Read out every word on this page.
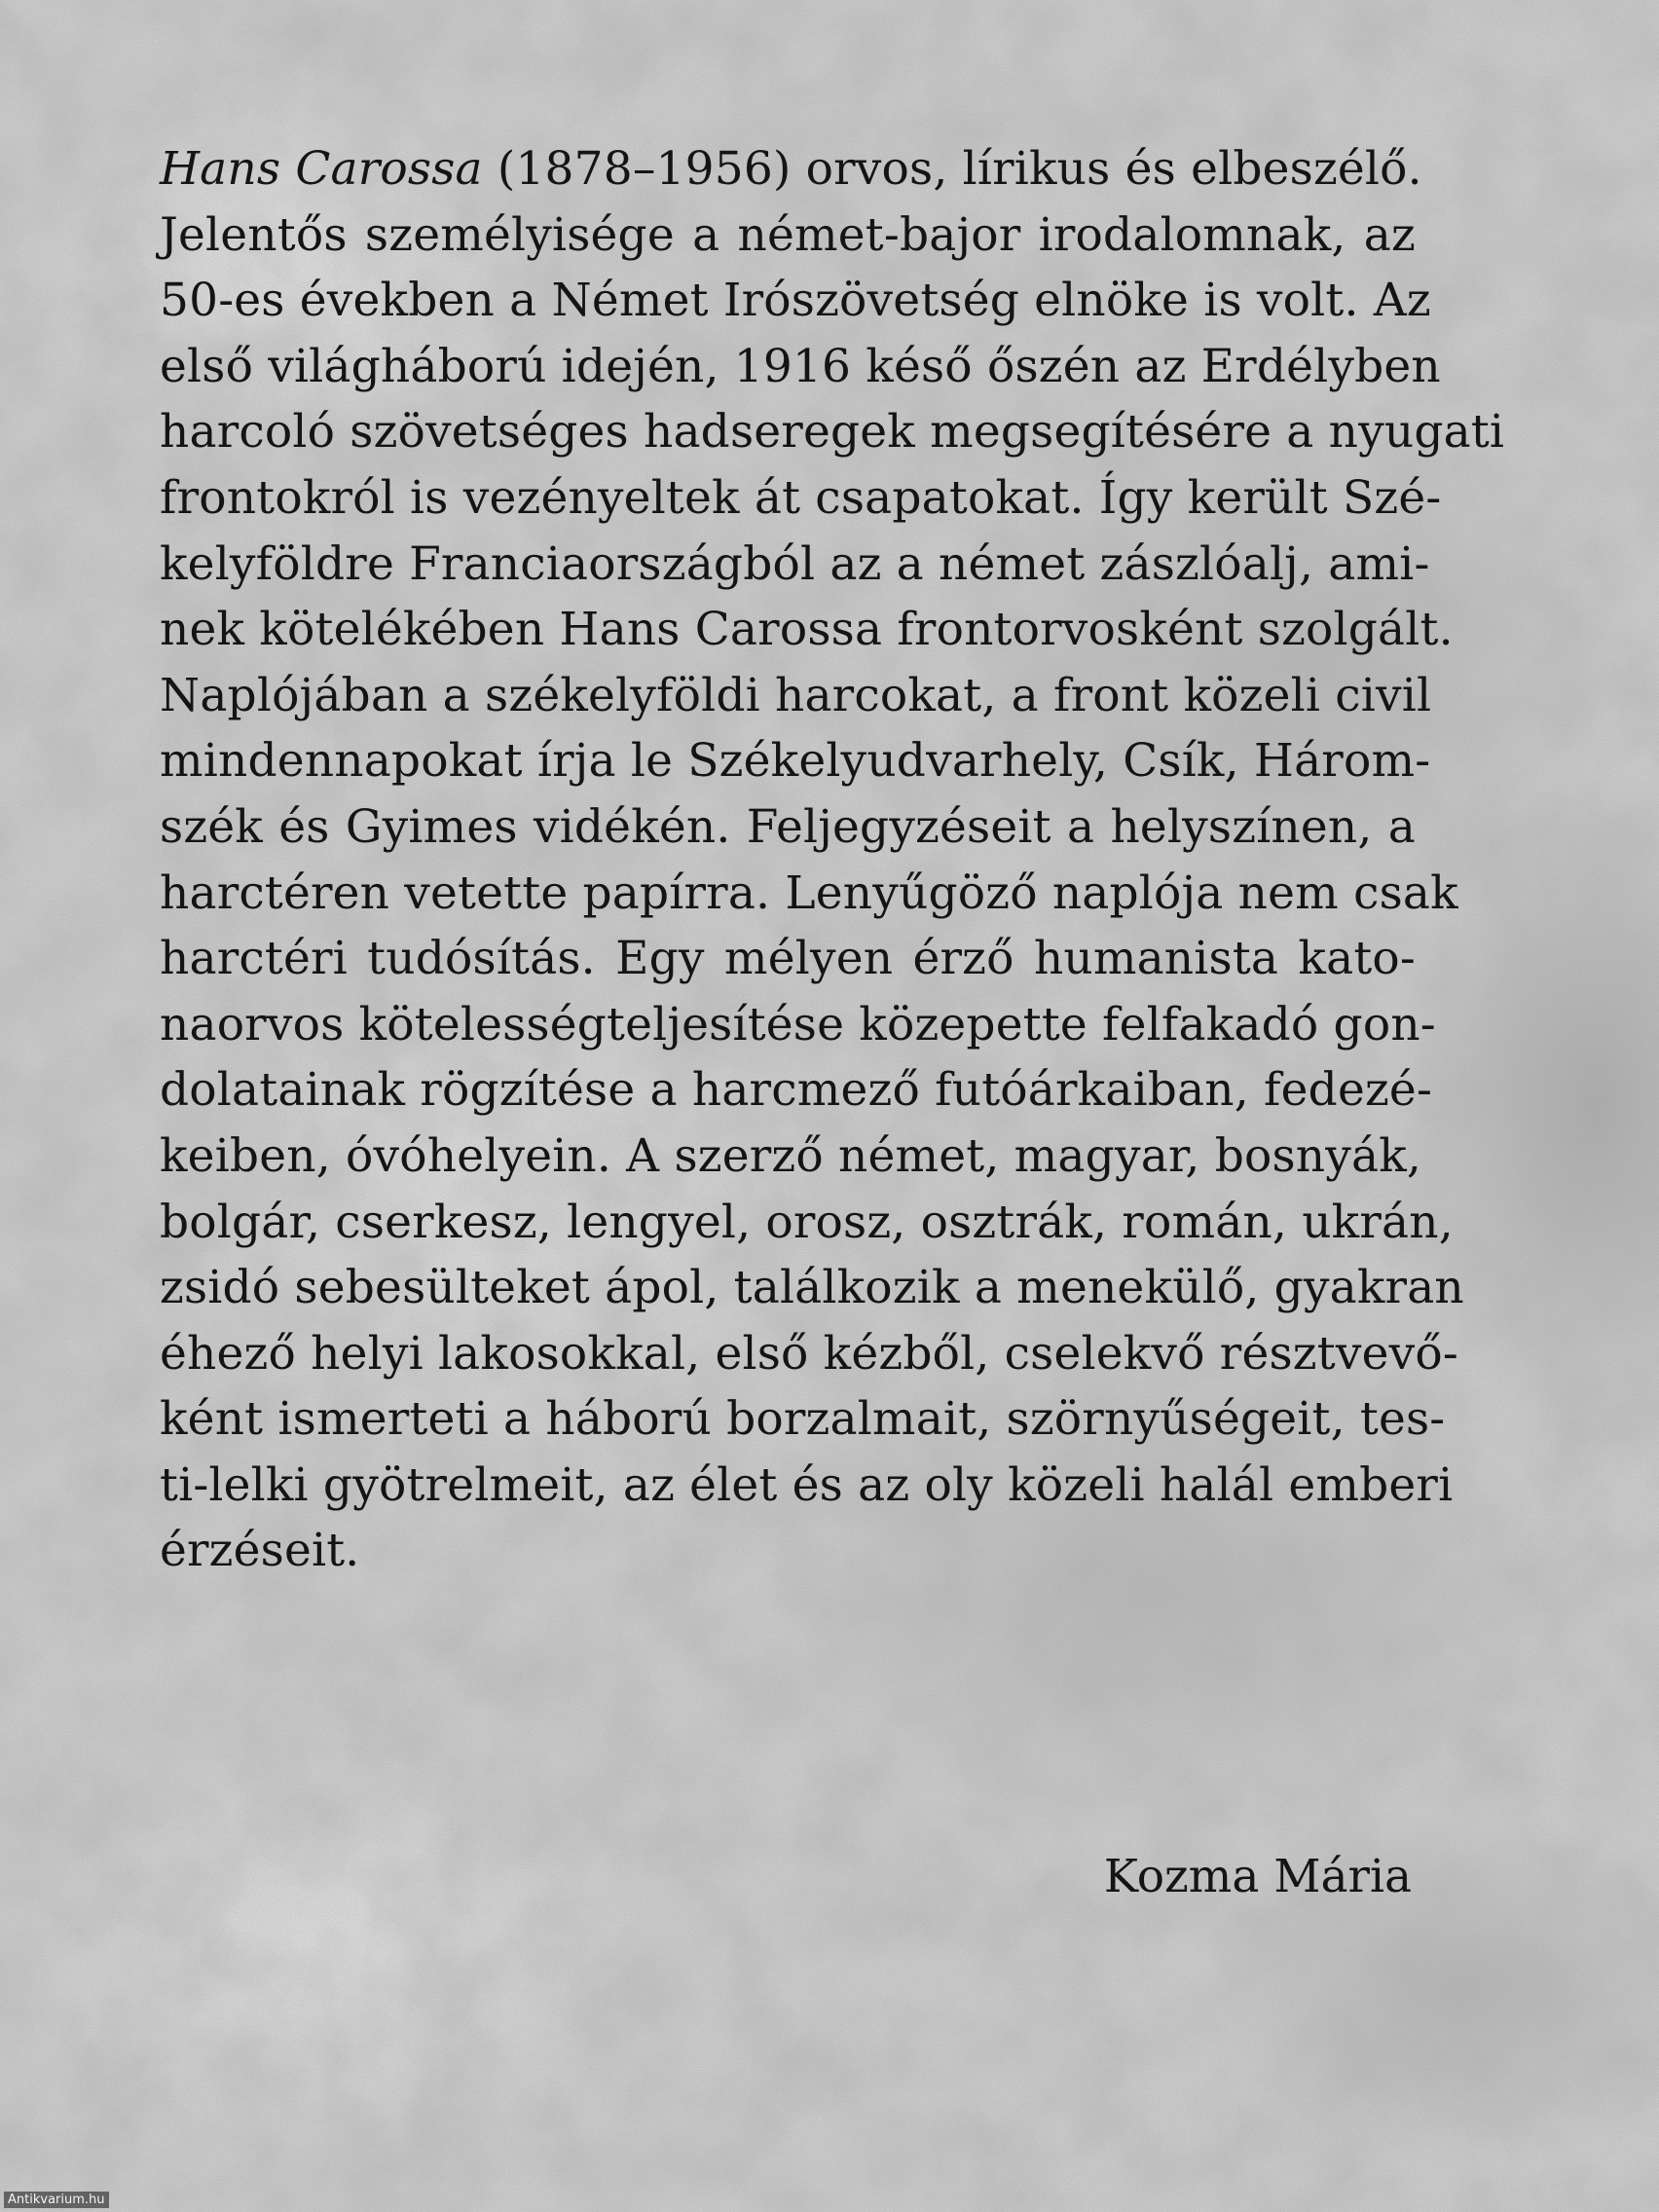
Hans Carossa (1878–1956) orvos, lírikus és elbeszélő.
Jelentős személyisége a német-bajor irodalomnak, az
50-es években a Német Irószövetség elnöke is volt. Az
első világháború idején, 1916 késő őszén az Erdélyben
harcoló szövetséges hadseregek megsegítésére a nyugati
frontokról is vezényeltek át csapatokat. Így került Szé-
kelyföldre Franciaországból az a német zászlóalj, ami-
nek kötelékében Hans Carossa frontorvosként szolgált.
Naplójában a székelyföldi harcokat, a front közeli civil
mindennapokat írja le Székelyudvarhely, Csík, Három-
szék és Gyimes vidékén. Feljegyzéseit a helyszínen, a
harctéren vetette papírra. Lenyűgöző naplója nem csak
harctéri tudósítás. Egy mélyen érző humanista kato-
naorvos kötelességteljesítése közepette felfakadó gon-
dolatainak rögzítése a harcmező futóárkaiban, fedezé-
keiben, óvóhelyein. A szerző német, magyar, bosnyák,
bolgár, cserkesz, lengyel, orosz, osztrák, román, ukrán,
zsidó sebesülteket ápol, találkozik a menekülő, gyakran
éhező helyi lakosokkal, első kézből, cselekvő résztvevő-
ként ismerteti a háború borzalmait, szörnyűségeit, tes-
ti-lelki gyötrelmeit, az élet és az oly közeli halál emberi
érzéseit.
Kozma Mária
Antikvarium.hu
